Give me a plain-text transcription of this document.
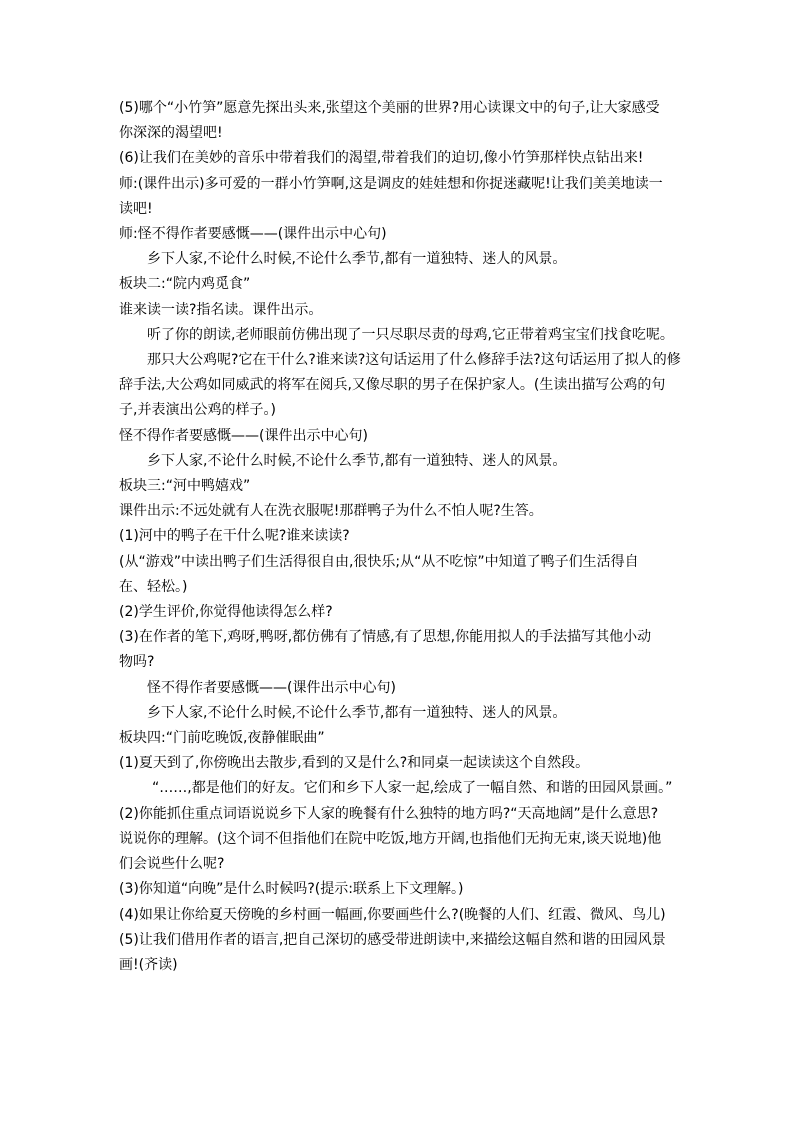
(5)哪个“小竹笋”愿意先探出头来,张望这个美丽的世界?用心读课文中的句子,让大家感受

你深深的渴望吧!

(6)让我们在美妙的音乐中带着我们的渴望,带着我们的迫切,像小竹笋那样快点钻出来!

师:(课件出示)多可爱的一群小竹笋啊,这是调皮的娃娃想和你捉迷藏呢!让我们美美地读一

读吧!

师:怪不得作者要感慨——(课件出示中心句)

乡下人家,不论什么时候,不论什么季节,都有一道独特、迷人的风景。

板块二:“院内鸡觅食”

谁来读一读?指名读。课件出示。

听了你的朗读,老师眼前仿佛出现了一只尽职尽责的母鸡,它正带着鸡宝宝们找食吃呢。

那只大公鸡呢?它在干什么?谁来读?这句话运用了什么修辞手法?这句话运用了拟人的修

辞手法,大公鸡如同威武的将军在阅兵,又像尽职的男子在保护家人。(生读出描写公鸡的句

子,并表演出公鸡的样子。)

怪不得作者要感慨——(课件出示中心句)

乡下人家,不论什么时候,不论什么季节,都有一道独特、迷人的风景。

板块三:“河中鸭嬉戏”

课件出示:不远处就有人在洗衣服呢!那群鸭子为什么不怕人呢?生答。

(1)河中的鸭子在干什么呢?谁来读读?

(从“游戏”中读出鸭子们生活得很自由,很快乐;从“从不吃惊”中知道了鸭子们生活得自

在、轻松。)

(2)学生评价,你觉得他读得怎么样?

(3)在作者的笔下,鸡呀,鸭呀,都仿佛有了情感,有了思想,你能用拟人的手法描写其他小动

物吗?

怪不得作者要感慨——(课件出示中心句)

乡下人家,不论什么时候,不论什么季节,都有一道独特、迷人的风景。

板块四:“门前吃晚饭,夜静催眠曲”

(1)夏天到了,你傍晚出去散步,看到的又是什么?和同桌一起读读这个自然段。

“……,都是他们的好友。它们和乡下人家一起,绘成了一幅自然、和谐的田园风景画。”

(2)你能抓住重点词语说说乡下人家的晚餐有什么独特的地方吗?“天高地阔”是什么意思?

说说你的理解。(这个词不但指他们在院中吃饭,地方开阔,也指他们无拘无束,谈天说地)他

们会说些什么呢?

(3)你知道“向晚”是什么时候吗?(提示:联系上下文理解。)

(4)如果让你给夏天傍晚的乡村画一幅画,你要画些什么?(晚餐的人们、红霞、微风、鸟儿)

(5)让我们借用作者的语言,把自己深切的感受带进朗读中,来描绘这幅自然和谐的田园风景

画!(齐读)
